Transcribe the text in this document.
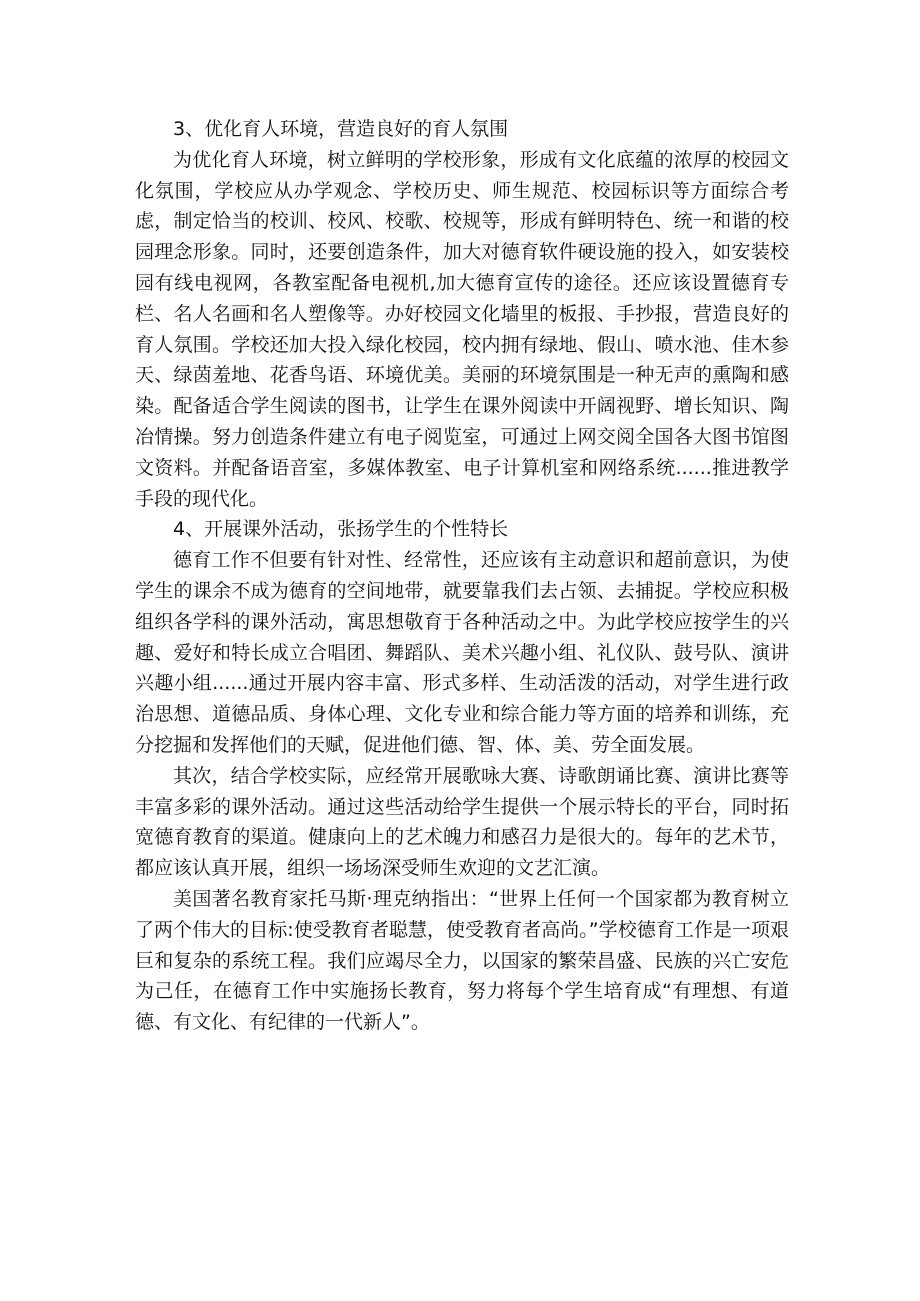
3、优化育人环境，营造良好的育人氛围

为优化育人环境，树立鲜明的学校形象，形成有文化底蕴的浓厚的校园文化氛围，学校应从办学观念、学校历史、师生规范、校园标识等方面综合考虑，制定恰当的校训、校风、校歌、校规等，形成有鲜明特色、统一和谐的校园理念形象。同时，还要创造条件，加大对德育软件硬设施的投入，如安装校园有线电视网，各教室配备电视机,加大德育宣传的途径。还应该设置德育专栏、名人名画和名人塑像等。办好校园文化墙里的板报、手抄报，营造良好的育人氛围。学校还加大投入绿化校园，校内拥有绿地、假山、喷水池、佳木参天、绿茵羞地、花香鸟语、环境优美。美丽的环境氛围是一种无声的熏陶和感染。配备适合学生阅读的图书，让学生在课外阅读中开阔视野、增长知识、陶冶情操。努力创造条件建立有电子阅览室，可通过上网交阅全国各大图书馆图文资料。并配备语音室，多媒体教室、电子计算机室和网络系统......推进教学手段的现代化。

4、开展课外活动，张扬学生的个性特长

德育工作不但要有针对性、经常性，还应该有主动意识和超前意识，为使学生的课余不成为德育的空间地带，就要靠我们去占领、去捕捉。学校应积极组织各学科的课外活动，寓思想敬育于各种活动之中。为此学校应按学生的兴趣、爱好和特长成立合唱团、舞蹈队、美术兴趣小组、礼仪队、鼓号队、演讲兴趣小组......通过开展内容丰富、形式多样、生动活泼的活动，对学生进行政治思想、道德品质、身体心理、文化专业和综合能力等方面的培养和训练，充分挖掘和发挥他们的天赋，促进他们德、智、体、美、劳全面发展。

其次，结合学校实际，应经常开展歌咏大赛、诗歌朗诵比赛、演讲比赛等丰富多彩的课外活动。通过这些活动给学生提供一个展示特长的平台，同时拓宽德育教育的渠道。健康向上的艺术魄力和感召力是很大的。每年的艺术节，都应该认真开展，组织一场场深受师生欢迎的文艺汇演。

美国著名教育家托马斯·理克纳指出：“世界上任何一个国家都为教育树立了两个伟大的目标:使受教育者聪慧，使受教育者高尚。”学校德育工作是一项艰巨和复杂的系统工程。我们应竭尽全力，以国家的繁荣昌盛、民族的兴亡安危为己任，在德育工作中实施扬长教育，努力将每个学生培育成“有理想、有道德、有文化、有纪律的一代新人”。
